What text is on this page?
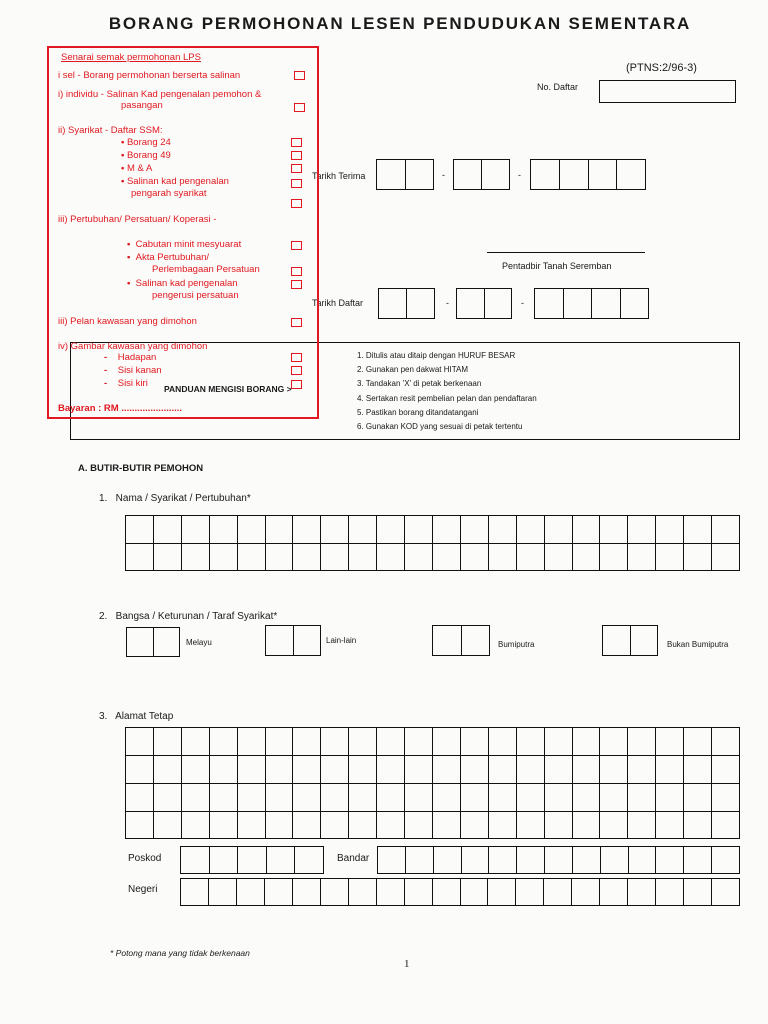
BORANG PERMOHONAN LESEN PENDUDUKAN SEMENTARA
(PTNS:2/96-3)
No. Daftar
Tarikh Terima	-	-
Pentadbir Tanah Seremban
Tarikh Daftar	-	-
1. Ditulis atau ditaip dengan HURUF BESAR
2. Gunakan pen dakwat HITAM
3. Tandakan 'X' di petak berkenaan
4. Sertakan resit pembelian pelan dan pendaftaran
5. Pastikan borang ditandatangani
6. Gunakan KOD yang sesuai di petak tertentu
PANDUAN MENGISI BORANG >
Senarai semak permohonan LPS
i sel - Borang permohonan berserta salinan
i) individu - Salinan Kad pengenalan pemohon &
pasangan
ii) Syarikat - Daftar SSM:
• Borang 24
• Borang 49
• M & A
• Salinan kad pengenalan
pengarah syarikat
iii) Pertubuhan/ Persatuan/ Koperasi -
•  Cabutan minit mesyuarat
•  Akta Pertubuhan/
Perlembagaan Persatuan
•  Salinan kad pengenalan
pengerusi persatuan
iii) Pelan kawasan yang dimohon
iv) Gambar kawasan yang dimohon
-    Hadapan
-    Sisi kanan
-    Sisi kiri
Bayaran : RM .......................
A. BUTIR-BUTIR PEMOHON
1.   Nama / Syarikat / Pertubuhan*
2.   Bangsa / Keturunan / Taraf Syarikat*
Melayu	Lain-lain	Bumiputra	Bukan Bumiputra
3.   Alamat Tetap
Poskod	Bandar
Negeri
* Potong mana yang tidak berkenaan
1
